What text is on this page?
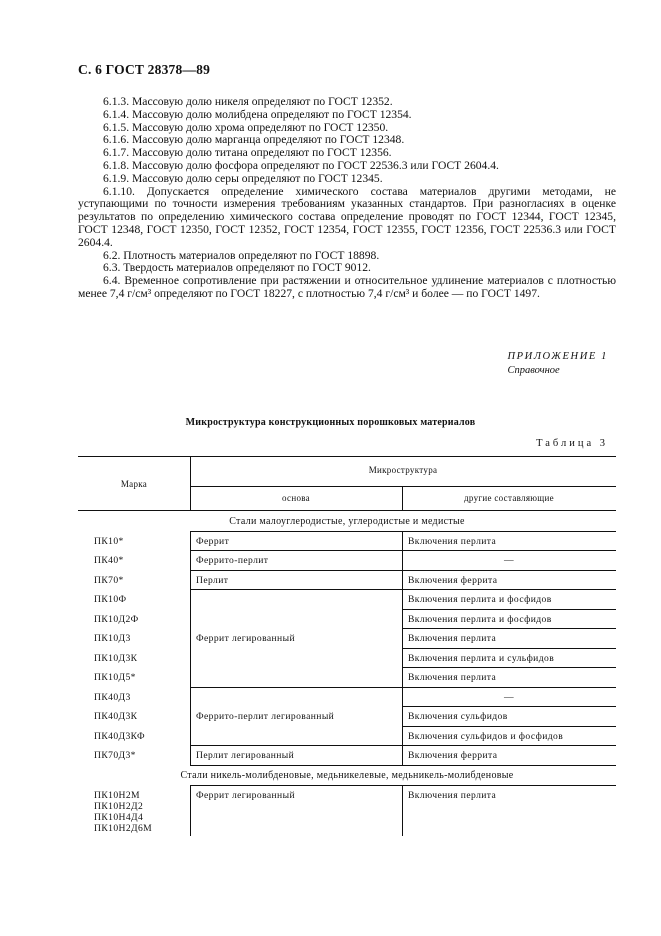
С. 6 ГОСТ 28378—89
6.1.3. Массовую долю никеля определяют по ГОСТ 12352.
6.1.4. Массовую долю молибдена определяют по ГОСТ 12354.
6.1.5. Массовую долю хрома определяют по ГОСТ 12350.
6.1.6. Массовую долю марганца определяют по ГОСТ 12348.
6.1.7. Массовую долю титана определяют по ГОСТ 12356.
6.1.8. Массовую долю фосфора определяют по ГОСТ 22536.3 или ГОСТ 2604.4.
6.1.9. Массовую долю серы определяют по ГОСТ 12345.
6.1.10. Допускается определение химического состава материалов другими методами, не уступающими по точности измерения требованиям указанных стандартов. При разногласиях в оценке результатов по определению химического состава определение проводят по ГОСТ 12344, ГОСТ 12345, ГОСТ 12348, ГОСТ 12350, ГОСТ 12352, ГОСТ 12354, ГОСТ 12355, ГОСТ 12356, ГОСТ 22536.3 или ГОСТ 2604.4.
6.2. Плотность материалов определяют по ГОСТ 18898.
6.3. Твердость материалов определяют по ГОСТ 9012.
6.4. Временное сопротивление при растяжении и относительное удлинение материалов с плотностью менее 7,4 г/см³ определяют по ГОСТ 18227, с плотностью 7,4 г/см³ и более — по ГОСТ 1497.
ПРИЛОЖЕНИЕ 1
Справочное
Микроструктура конструкционных порошковых материалов
Таблица 3
Марка
Микроструктура
основа	другие составляющие
Стали малоуглеродистые, углеродистые и медистые
ПК10*
ПК40*
ПК70*
ПК10Ф
ПК10Д2Ф
ПК10Д3
ПК10Д3К
ПК10Д5*
ПК40Д3
ПК40Д3К
ПК40Д3КФ
ПК70Д3*
Феррит
Феррито-перлит
Перлит
Феррит легированный
Феррито-перлит легированный
Перлит легированный
Включения перлита
—
Включения феррита
Включения перлита и фосфидов
Включения перлита и фосфидов
Включения перлита
Включения перлита и сульфидов
Включения перлита
—
Включения сульфидов
Включения сульфидов и фосфидов
Включения феррита
Стали никель-молибденовые, медьникелевые, медьникель-молибденовые
ПК10Н2М
ПК10Н2Д2
ПК10Н4Д4
ПК10Н2Д6М
Феррит легированный	Включения перлита
